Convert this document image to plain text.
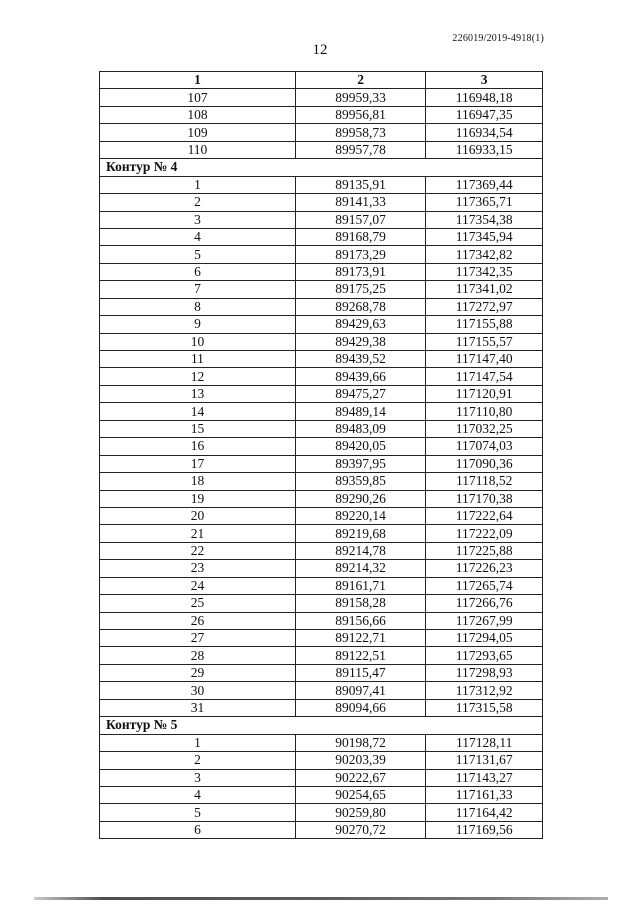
226019/2019-4918(1)
12
1	2	3
107	89959,33	116948,18
108	89956,81	116947,35
109	89958,73	116934,54
110	89957,78	116933,15
Контур № 4		
1	89135,91	117369,44
2	89141,33	117365,71
3	89157,07	117354,38
4	89168,79	117345,94
5	89173,29	117342,82
6	89173,91	117342,35
7	89175,25	117341,02
8	89268,78	117272,97
9	89429,63	117155,88
10	89429,38	117155,57
11	89439,52	117147,40
12	89439,66	117147,54
13	89475,27	117120,91
14	89489,14	117110,80
15	89483,09	117032,25
16	89420,05	117074,03
17	89397,95	117090,36
18	89359,85	117118,52
19	89290,26	117170,38
20	89220,14	117222,64
21	89219,68	117222,09
22	89214,78	117225,88
23	89214,32	117226,23
24	89161,71	117265,74
25	89158,28	117266,76
26	89156,66	117267,99
27	89122,71	117294,05
28	89122,51	117293,65
29	89115,47	117298,93
30	89097,41	117312,92
31	89094,66	117315,58
Контур № 5		
1	90198,72	117128,11
2	90203,39	117131,67
3	90222,67	117143,27
4	90254,65	117161,33
5	90259,80	117164,42
6	90270,72	117169,56
